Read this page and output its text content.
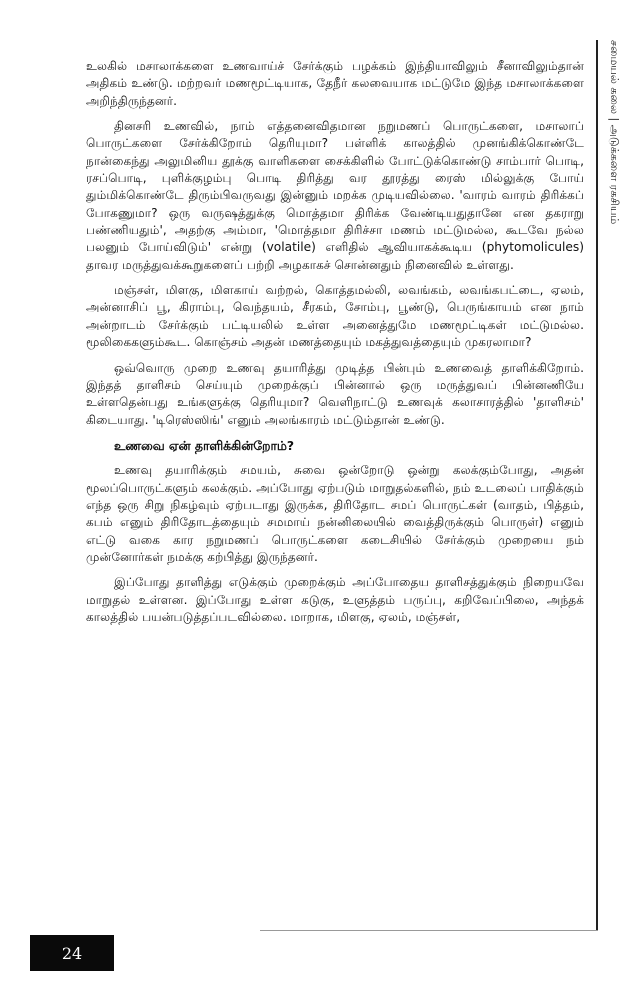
சமையல் கலை | அடுக்களை ரகசியம்

உலகில் மசாலாக்களை உணவாய்ச் சேர்க்கும் பழக்கம் இந்தியாவிலும் சீனாவிலும்தான் அதிகம் உண்டு. மற்றவர் மணமூட்டியாக, தேநீர் கலவையாக மட்டுமே இந்த மசாலாக்களை அறிந்திருந்தனர்.

தினசரி உணவில், நாம் எத்தனைவிதமான நறுமணப் பொருட்களை, மசாலாப் பொருட்களை சேர்க்கிறோம் தெரியுமா? பள்ளிக் காலத்தில் முனங்கிக்கொண்டே நான்கைந்து அலுமினிய தூக்கு வாளிகளை சைக்கிளில் போட்டுக்கொண்டு சாம்பார் பொடி, ரசப்பொடி, புளிக்குழம்பு பொடி திரித்து வர தூரத்து ரைஸ் மில்லுக்கு போய் தும்மிக்கொண்டே திரும்பிவருவது இன்னும் மறக்க முடியவில்லை. 'வாரம் வாரம் திரிக்கப் போகணுமா? ஒரு வருஷத்துக்கு மொத்தமா திரிக்க வேண்டியதுதானே என தகராறு பண்ணியதும்', அதற்கு அம்மா, 'மொத்தமா திரிச்சா மணம் மட்டுமல்ல, கூடவே நல்ல பலனும் போய்விடும்' என்று (volatile) எளிதில் ஆவியாகக்கூடிய (phytomolicules) தாவர மருத்துவக்கூறுகளைப் பற்றி அழகாகச் சொன்னதும் நினைவில் உள்ளது.

மஞ்சள், மிளகு, மிளகாய் வற்றல், கொத்தமல்லி, லவங்கம், லவங்கபட்டை, ஏலம், அன்னாசிப் பூ, கிராம்பு, வெந்தயம், சீரகம், சோம்பு, பூண்டு, பெருங்காயம் என நாம் அன்றாடம் சேர்க்கும் பட்டியலில் உள்ள அனைத்துமே மணமூட்டிகள் மட்டுமல்ல. மூலிகைகளும்கூட. கொஞ்சம் அதன் மணத்தையும் மகத்துவத்தையும் முகரலாமா?

ஒவ்வொரு முறை உணவு தயாரித்து முடித்த பின்பும் உணவைத் தாளிக்கிறோம். இந்தத் தாளிசம் செய்யும் முறைக்குப் பின்னால் ஒரு மருத்துவப் பின்னணியே உள்ளதென்பது உங்களுக்கு தெரியுமா? வெளிநாட்டு உணவுக் கலாசாரத்தில் 'தாளிசம்' கிடையாது. 'டிரெஸ்ஸிங்' எனும் அலங்காரம் மட்டும்தான் உண்டு.

உணவை ஏன் தாளிக்கின்றோம்?

உணவு தயாரிக்கும் சமயம், சுவை ஒன்றோடு ஒன்று கலக்கும்போது, அதன் மூலப்பொருட்களும் கலக்கும். அப்போது ஏற்படும் மாறுதல்களில், நம் உடலைப் பாதிக்கும் எந்த ஒரு சிறு நிகழ்வும் ஏற்படாது இருக்க, திரிதோட சமப் பொருட்கள் (வாதம், பித்தம், கபம் எனும் திரிதோடத்தையும் சமமாய் நன்னிலையில் வைத்திருக்கும் பொருள்) எனும் எட்டு வகை கார நறுமணப் பொருட்களை கடைசியில் சேர்க்கும் முறையை நம் முன்னோர்கள் நமக்கு கற்பித்து இருந்தனர்.

இப்போது தாளித்து எடுக்கும் முறைக்கும் அப்போதைய தாளிசத்துக்கும் நிறையவே மாறுதல் உள்ளன. இப்போது உள்ள கடுகு, உளுத்தம் பருப்பு, கறிவேப்பிலை, அந்தக் காலத்தில் பயன்படுத்தப்படவில்லை. மாறாக, மிளகு, ஏலம், மஞ்சள்,

24
